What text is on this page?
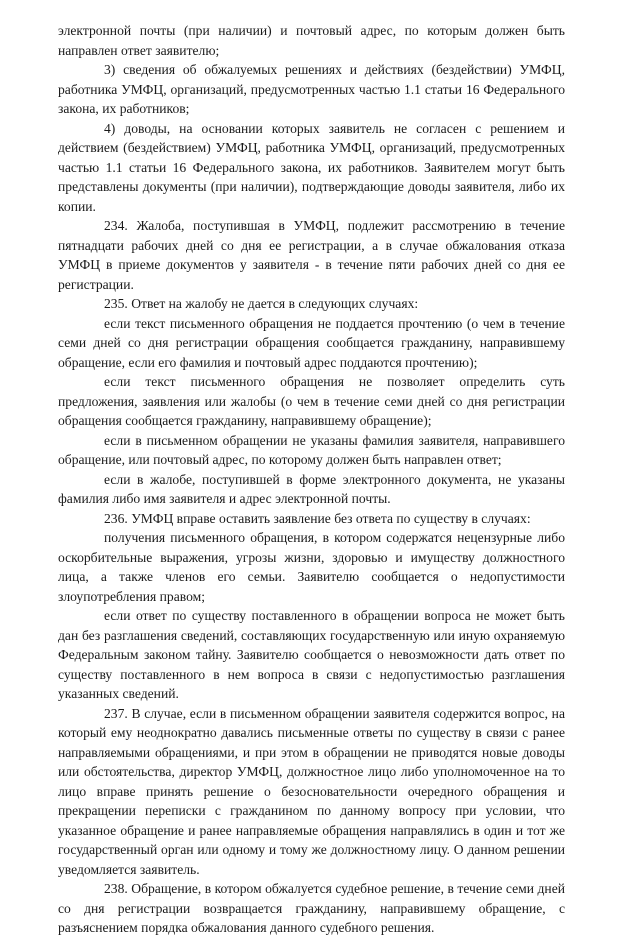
электронной почты (при наличии) и почтовый адрес, по которым должен быть направлен ответ заявителю;

3) сведения об обжалуемых решениях и действиях (бездействии) УМФЦ, работника УМФЦ, организаций, предусмотренных частью 1.1 статьи 16 Федерального закона, их работников;

4) доводы, на основании которых заявитель не согласен с решением и действием (бездействием) УМФЦ, работника УМФЦ, организаций, предусмотренных частью 1.1 статьи 16 Федерального закона, их работников. Заявителем могут быть представлены документы (при наличии), подтверждающие доводы заявителя, либо их копии.

234. Жалоба, поступившая в УМФЦ, подлежит рассмотрению в течение пятнадцати рабочих дней со дня ее регистрации, а в случае обжалования отказа УМФЦ в приеме документов у заявителя - в течение пяти рабочих дней со дня ее регистрации.

235. Ответ на жалобу не дается в следующих случаях:

если текст письменного обращения не поддается прочтению (о чем в течение семи дней со дня регистрации обращения сообщается гражданину, направившему обращение, если его фамилия и почтовый адрес поддаются прочтению);

если текст письменного обращения не позволяет определить суть предложения, заявления или жалобы (о чем в течение семи дней со дня регистрации обращения сообщается гражданину, направившему обращение);

если в письменном обращении не указаны фамилия заявителя, направившего обращение, или почтовый адрес, по которому должен быть направлен ответ;

если в жалобе, поступившей в форме электронного документа, не указаны фамилия либо имя заявителя и адрес электронной почты.

236. УМФЦ вправе оставить заявление без ответа по существу в случаях:

получения письменного обращения, в котором содержатся нецензурные либо оскорбительные выражения, угрозы жизни, здоровью и имуществу должностного лица, а также членов его семьи. Заявителю сообщается о недопустимости злоупотребления правом;

если ответ по существу поставленного в обращении вопроса не может быть дан без разглашения сведений, составляющих государственную или иную охраняемую Федеральным законом тайну. Заявителю сообщается о невозможности дать ответ по существу поставленного в нем вопроса в связи с недопустимостью разглашения указанных сведений.

237. В случае, если в письменном обращении заявителя содержится вопрос, на который ему неоднократно давались письменные ответы по существу в связи с ранее направляемыми обращениями, и при этом в обращении не приводятся новые доводы или обстоятельства, директор УМФЦ, должностное лицо либо уполномоченное на то лицо вправе принять решение о безосновательности очередного обращения и прекращении переписки с гражданином по данному вопросу при условии, что указанное обращение и ранее направляемые обращения направлялись в один и тот же государственный орган или одному и тому же должностному лицу. О данном решении уведомляется заявитель.

238. Обращение, в котором обжалуется судебное решение, в течение семи дней со дня регистрации возвращается гражданину, направившему обращение, с разъяснением порядка обжалования данного судебного решения.
